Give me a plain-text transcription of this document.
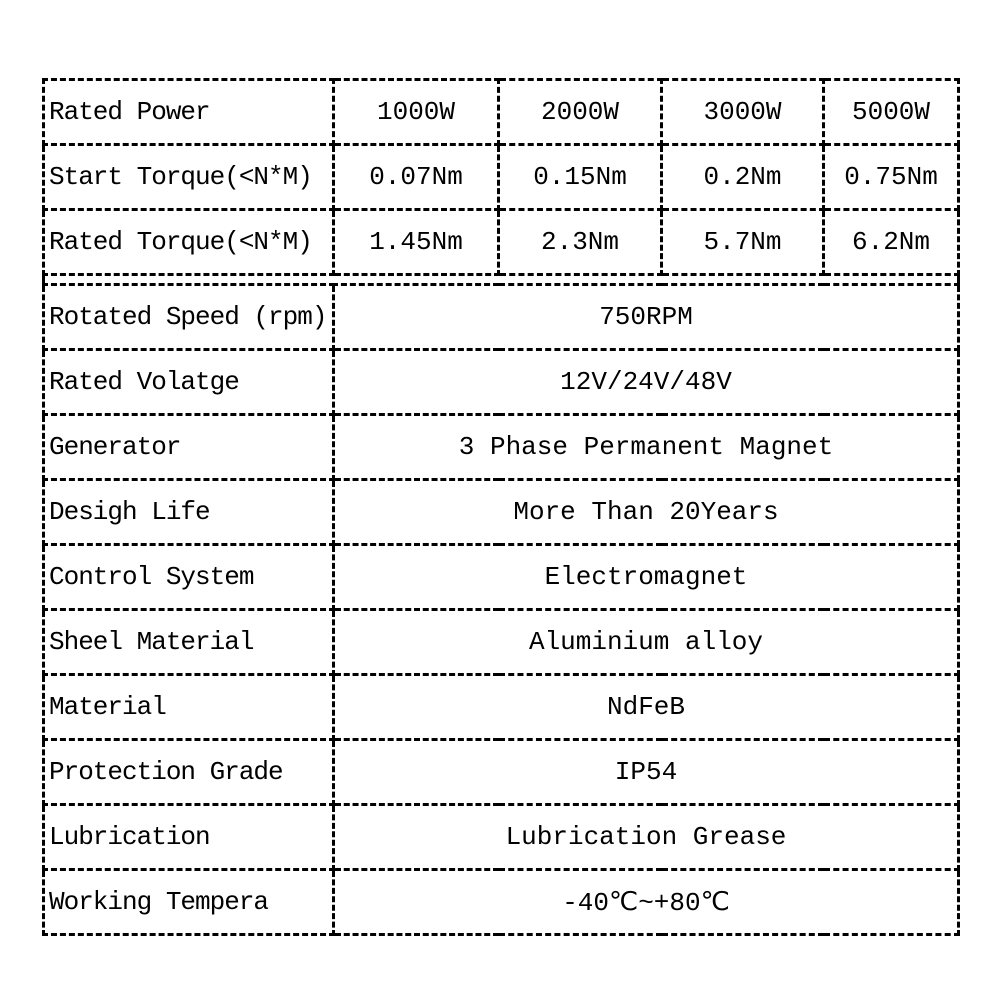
Rated Power	1000W	2000W	3000W	5000W
Start Torque(<N*M)	0.07Nm	0.15Nm	0.2Nm	0.75Nm
Rated Torque(<N*M)	1.45Nm	2.3Nm	5.7Nm	6.2Nm

Rotated Speed (rpm)	750RPM			
Rated Volatge	12V/24V/48V			
Generator	3 Phase Permanent Magnet			
Desigh Life	More Than 20Years			
Control System	Electromagnet			
Sheel Material	Aluminium alloy			
Material	NdFeB			
Protection Grade	IP54			
Lubrication	Lubrication Grease			
Working Tempera	-40℃~+80℃			
